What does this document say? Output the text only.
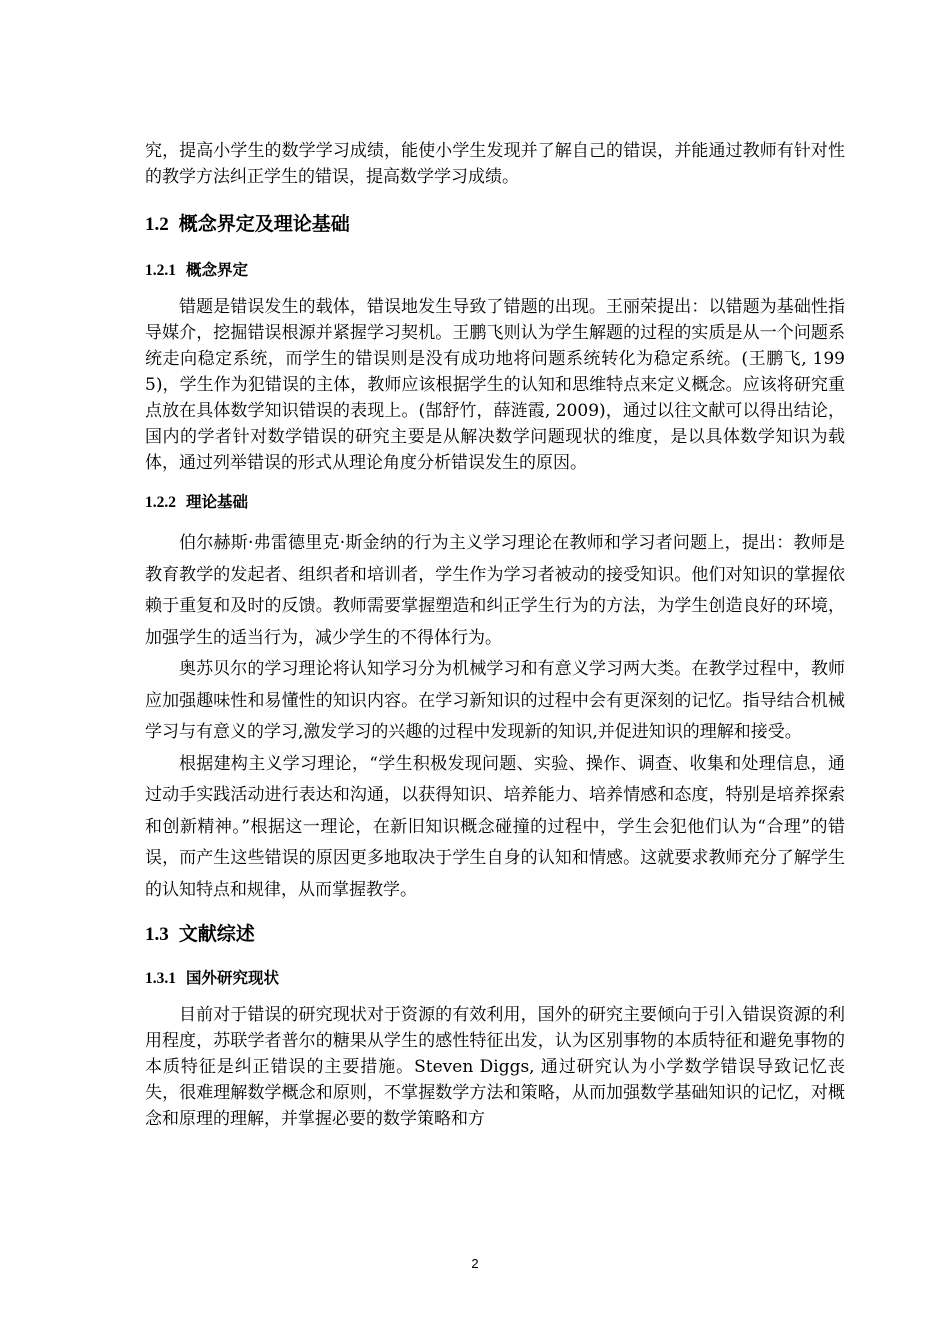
究，提高小学生的数学学习成绩，能使小学生发现并了解自己的错误，并能通过教师有针对性的教学方法纠正学生的错误，提高数学学习成绩。

1.2 概念界定及理论基础
1.2.1 概念界定

错题是错误发生的载体，错误地发生导致了错题的出现。王丽荣提出：以错题为基础性指导媒介，挖掘错误根源并紧握学习契机。王鹏飞则认为学生解题的过程的实质是从一个问题系统走向稳定系统，而学生的错误则是没有成功地将问题系统转化为稳定系统。(王鹏飞, 1995)，学生作为犯错误的主体，教师应该根据学生的认知和思维特点来定义概念。应该将研究重点放在具体数学知识错误的表现上。(郜舒竹，薛涟霞, 2009)，通过以往文献可以得出结论，国内的学者针对数学错误的研究主要是从解决数学问题现状的维度，是以具体数学知识为载体，通过列举错误的形式从理论角度分析错误发生的原因。

1.2.2 理论基础

伯尔赫斯·弗雷德里克·斯金纳的行为主义学习理论在教师和学习者问题上，提出：教师是教育教学的发起者、组织者和培训者，学生作为学习者被动的接受知识。他们对知识的掌握依赖于重复和及时的反馈。教师需要掌握塑造和纠正学生行为的方法，为学生创造良好的环境，加强学生的适当行为，减少学生的不得体行为。

奥苏贝尔的学习理论将认知学习分为机械学习和有意义学习两大类。在教学过程中，教师应加强趣味性和易懂性的知识内容。在学习新知识的过程中会有更深刻的记忆。指导结合机械学习与有意义的学习,激发学习的兴趣的过程中发现新的知识,并促进知识的理解和接受。

根据建构主义学习理论，“学生积极发现问题、实验、操作、调查、收集和处理信息，通过动手实践活动进行表达和沟通，以获得知识、培养能力、培养情感和态度，特别是培养探索和创新精神。”根据这一理论，在新旧知识概念碰撞的过程中，学生会犯他们认为“合理”的错误，而产生这些错误的原因更多地取决于学生自身的认知和情感。这就要求教师充分了解学生的认知特点和规律，从而掌握教学。

1.3 文献综述
1.3.1 国外研究现状

目前对于错误的研究现状对于资源的有效利用，国外的研究主要倾向于引入错误资源的利用程度，苏联学者普尔的糖果从学生的感性特征出发，认为区别事物的本质特征和避免事物的本质特征是纠正错误的主要措施。Steven Diggs, 通过研究认为小学数学错误导致记忆丧失，很难理解数学概念和原则，不掌握数学方法和策略，从而加强数学基础知识的记忆，对概念和原理的理解，并掌握必要的数学策略和方

2
